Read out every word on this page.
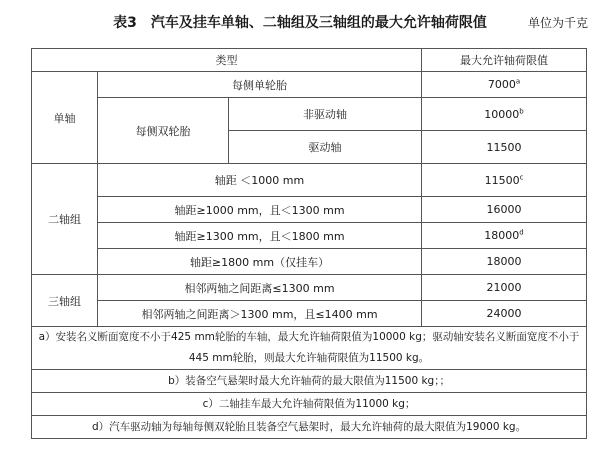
表3　汽车及挂车单轴、二轴组及三轴组的最大允许轴荷限值	单位为千克
类型			最大允许轴荷限值
单轴	每侧单轮胎		7000$^a$
	每侧双轮胎	非驱动轴	10000$^b$
		驱动轴	11500
二轴组	轴距 ＜1000 mm		11500$^c$
	轴距≥1000 mm，且＜1300 mm		16000
	轴距≥1300 mm，且＜1800 mm		18000$^d$
	轴距≥1800 mm（仅挂车）		18000
三轴组	相邻两轴之间距离≤1300 mm		21000
	相邻两轴之间距离＞1300 mm，且≤1400 mm		24000
a）安装名义断面宽度不小于425 mm轮胎的车轴，最大允许轴荷限值为10000 kg；驱动轴安装名义断面宽度不小于445 mm轮胎，则最大允许轴荷限值为11500 kg。			
b）装备空气悬架时最大允许轴荷的最大限值为11500 kg；；			
c）二轴挂车最大允许轴荷限值为11000 kg；			
d）汽车驱动轴为每轴每侧双轮胎且装备空气悬架时，最大允许轴荷的最大限值为19000 kg。			
